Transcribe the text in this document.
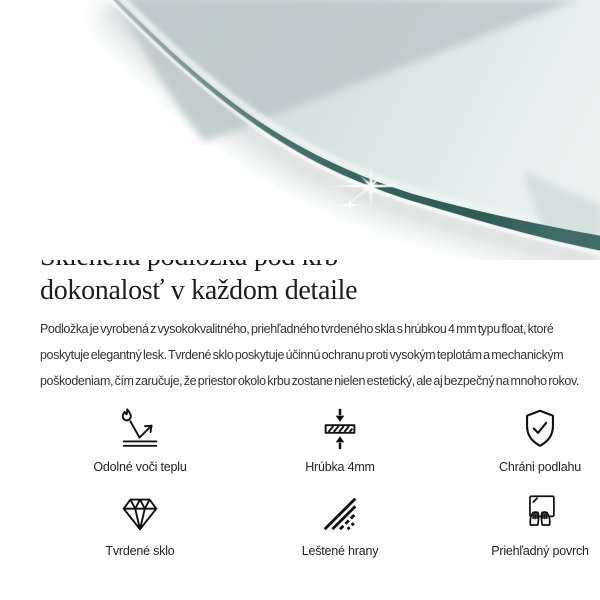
dokonalosť v každom detaile
Podložka je vyrobená z vysokokvalitného, priehľadného tvrdeného skla s hrúbkou 4 mm typu float, ktoré
poskytuje elegantný lesk. Tvrdené sklo poskytuje účinnú ochranu proti vysokým teplotám a mechanickým
poškodeniam, čím zaručuje, že priestor okolo krbu zostane nielen estetický, ale aj bezpečný na mnoho rokov.
Odolné voči teplu	Hrúbka 4mm	Chráni podlahu
Tvrdené sklo	Leštené hrany	Priehľadný povrch
